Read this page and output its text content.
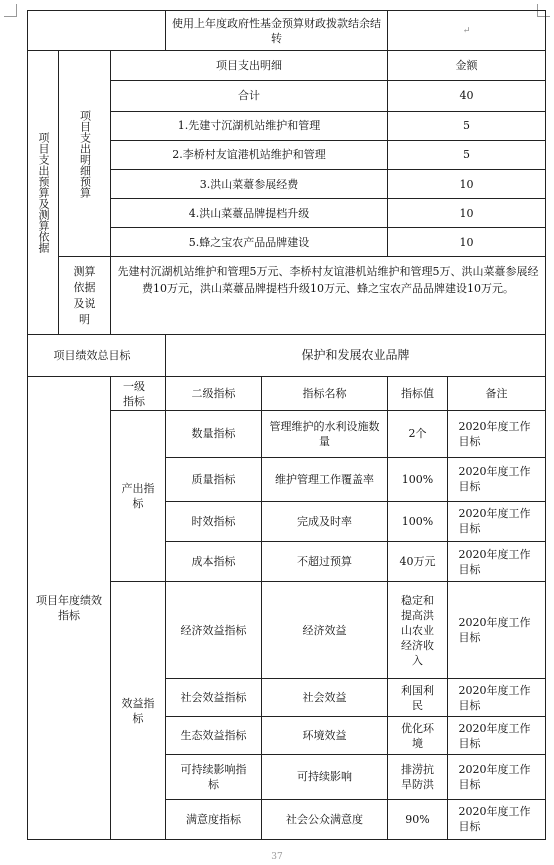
			使用上年度政府性基金预算财政拨款结余结转		↵	

项目支出预算及测算依据	项目支出明细预算	项目支出明细			金额	
		合计			40	
		1.先建寸沉湖机站维护和管理			5	
		2.李桥村友谊港机站维护和管理			5	
		3.洪山菜薹参展经费			10	
		4.洪山菜薹品牌提档升级			10	
		5.蜂之宝农产品品牌建设			10	

	测算依据及说明	先建村沉湖机站维护和管理5万元、李桥村友谊港机站维护和管理5万、洪山菜薹参展经费10万元，洪山菜薹品牌提档升级10万元、蜂之宝农产品品牌建设10万元。				
项目绩效总目标			保护和发展农业品牌			
项目年度绩效指标		一级指标	二级指标	指标名称	指标值	备注
		产出指标	数量指标	管理维护的水利设施数量	2个	2020年度工作目标
			质量指标	维护管理工作覆盖率	100%	2020年度工作目标
			时效指标	完成及时率	100%	2020年度工作目标
			成本指标	不超过预算	40万元	2020年度工作目标
		效益指标	经济效益指标	经济效益	稳定和提高洪山农业经济收入	2020年度工作目标
			社会效益指标	社会效益	利国利民	2020年度工作目标
			生态效益指标	环境效益	优化环境	2020年度工作目标
			可持续影响指标	可持续影响	排涝抗旱防洪	2020年度工作目标
			满意度指标	社会公众满意度	90%	2020年度工作目标
37
